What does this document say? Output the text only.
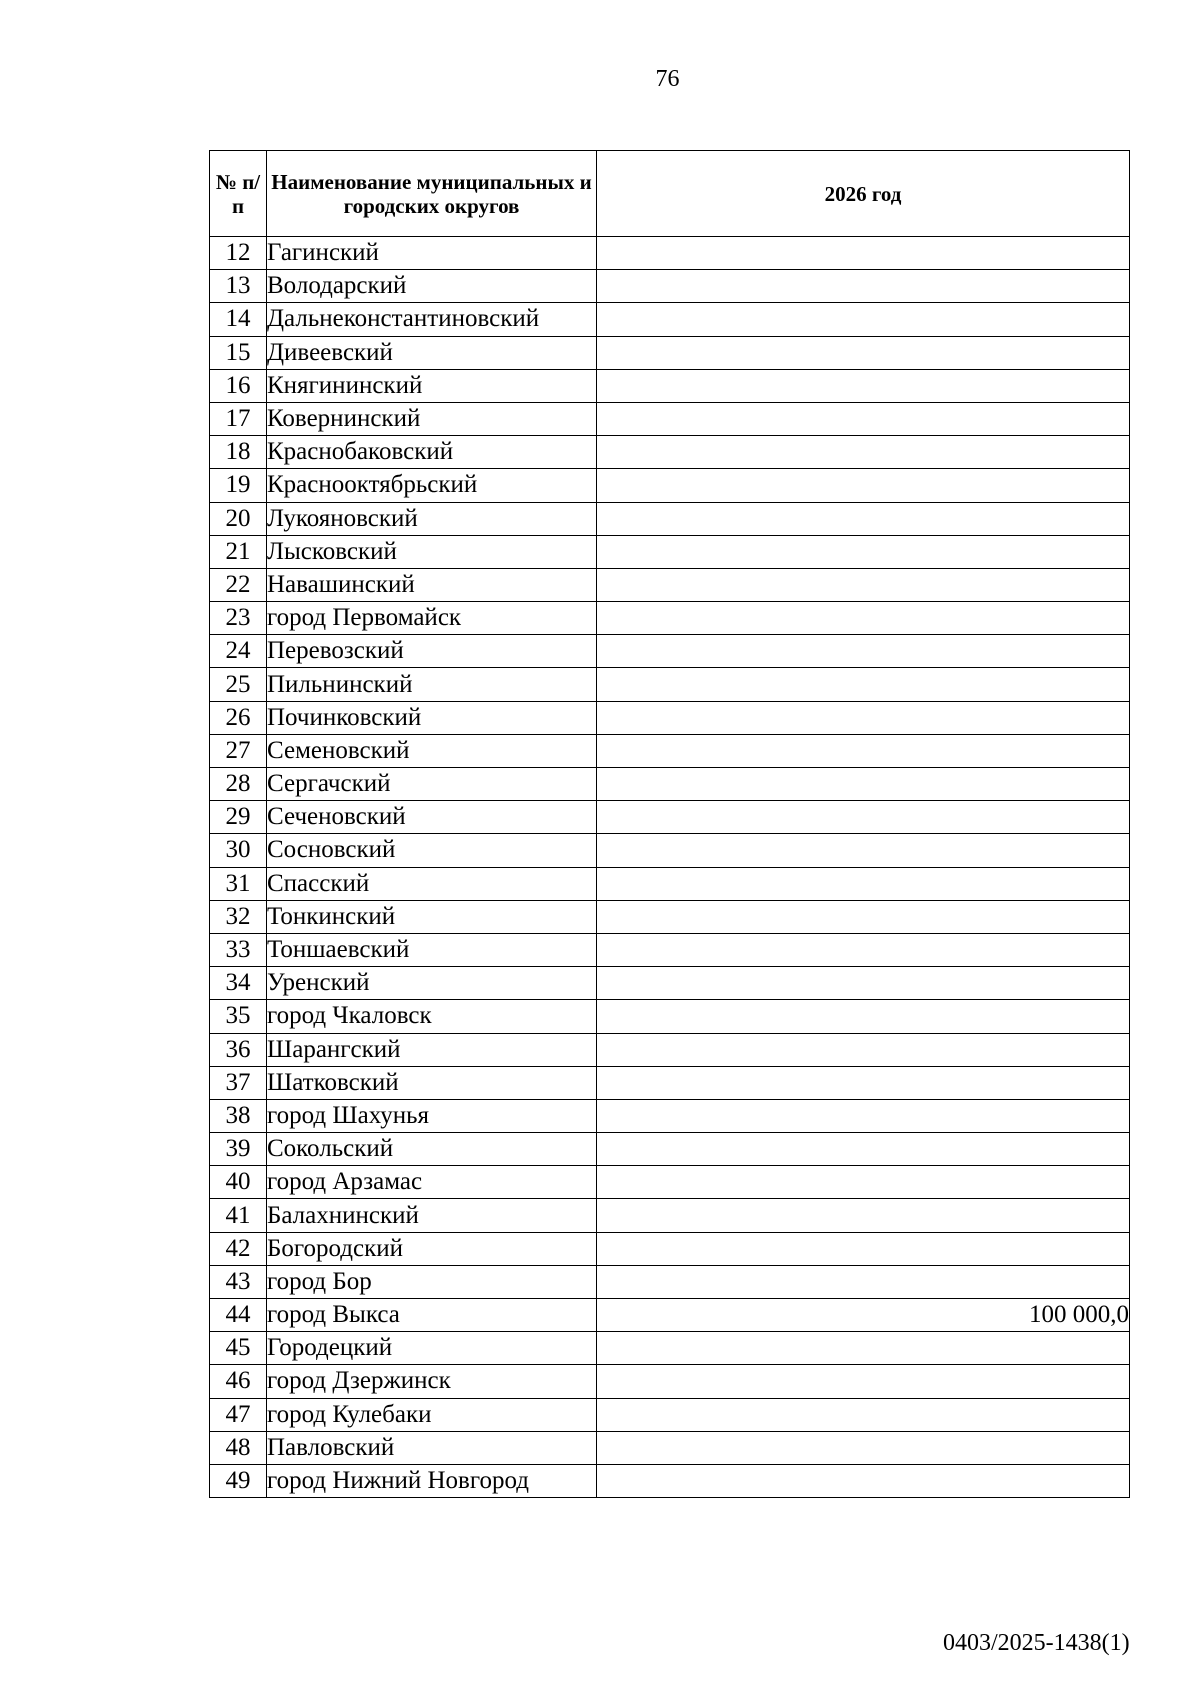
76
№ п/п	Наименование муниципальных и городских округов	2026 год
12	Гагинский	
13	Володарский	
14	Дальнеконстантиновский	
15	Дивеевский	
16	Княгининский	
17	Ковернинский	
18	Краснобаковский	
19	Краснооктябрьский	
20	Лукояновский	
21	Лысковский	
22	Навашинский	
23	город Первомайск	
24	Перевозский	
25	Пильнинский	
26	Починковский	
27	Семеновский	
28	Сергачский	
29	Сеченовский	
30	Сосновский	
31	Спасский	
32	Тонкинский	
33	Тоншаевский	
34	Уренский	
35	город Чкаловск	
36	Шарангский	
37	Шатковский	
38	город Шахунья	
39	Сокольский	
40	город Арзамас	
41	Балахнинский	
42	Богородский	
43	город Бор	
44	город Выкса	100 000,0
45	Городецкий	
46	город Дзержинск	
47	город Кулебаки	
48	Павловский	
49	город Нижний Новгород	
0403/2025-1438(1)
